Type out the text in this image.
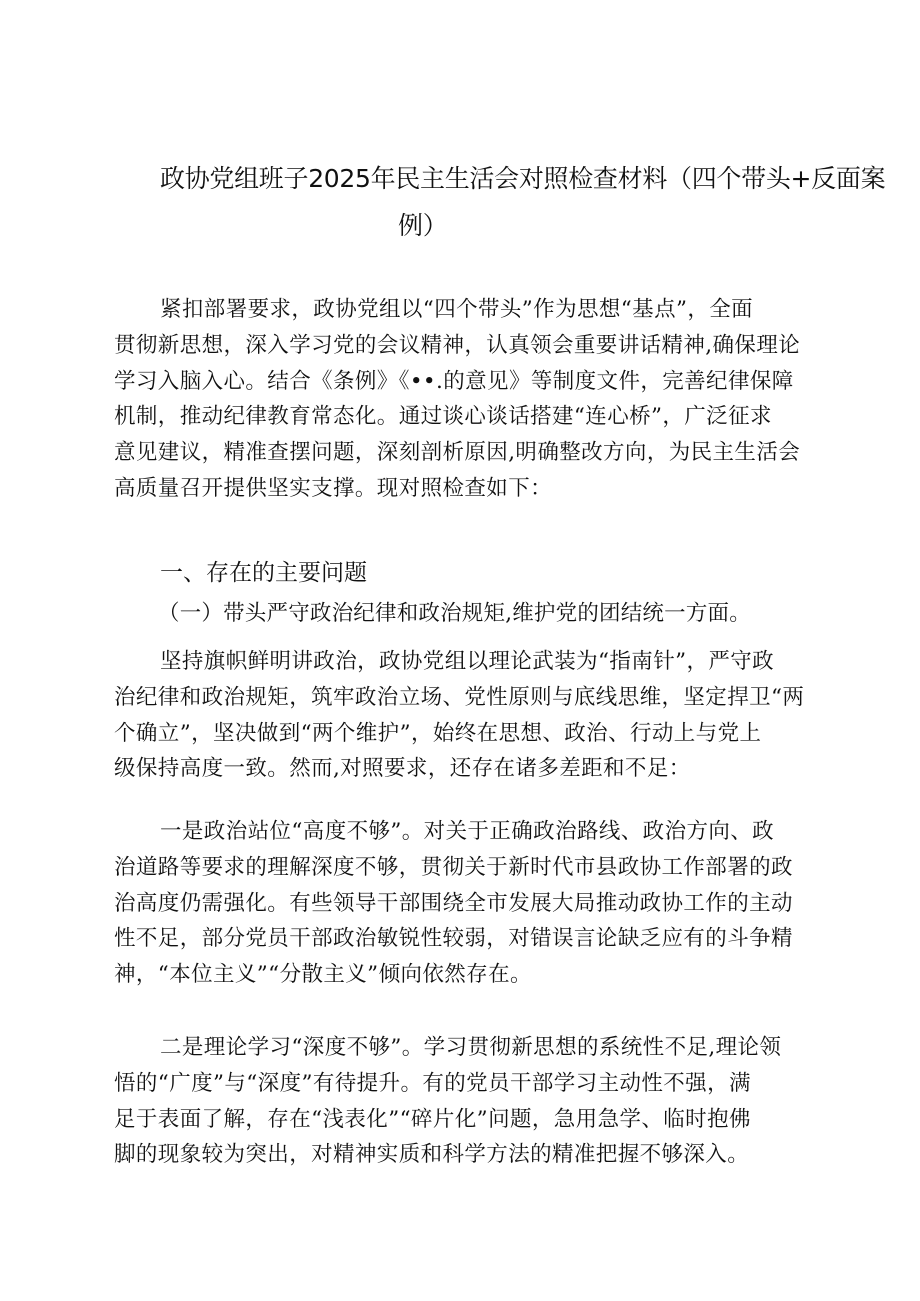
政协党组班子2025年民主生活会对照检查材料（四个带头+反面案
例）
紧扣部署要求，政协党组以“四个带头”作为思想“基点”，全面
贯彻新思想，深入学习党的会议精神，认真领会重要讲话精神,确保理论
学习入脑入心。结合《条例》《••.的意见》等制度文件，完善纪律保障
机制，推动纪律教育常态化。通过谈心谈话搭建“连心桥”，广泛征求
意见建议，精准查摆问题，深刻剖析原因,明确整改方向，为民主生活会
高质量召开提供坚实支撑。现对照检查如下：
一、存在的主要问题
（一）带头严守政治纪律和政治规矩,维护党的团结统一方面。
坚持旗帜鲜明讲政治，政协党组以理论武装为“指南针”，严守政
治纪律和政治规矩，筑牢政治立场、党性原则与底线思维，坚定捍卫“两
个确立”，坚决做到“两个维护”，始终在思想、政治、行动上与党上
级保持高度一致。然而,对照要求，还存在诸多差距和不足：
一是政治站位“高度不够”。对关于正确政治路线、政治方向、政
治道路等要求的理解深度不够，贯彻关于新时代市县政协工作部署的政
治高度仍需强化。有些领导干部围绕全市发展大局推动政协工作的主动
性不足，部分党员干部政治敏锐性较弱，对错误言论缺乏应有的斗争精
神，“本位主义”“分散主义”倾向依然存在。
二是理论学习“深度不够”。学习贯彻新思想的系统性不足,理论领
悟的“广度”与“深度”有待提升。有的党员干部学习主动性不强，满
足于表面了解，存在“浅表化”“碎片化”问题，急用急学、临时抱佛
脚的现象较为突出，对精神实质和科学方法的精准把握不够深入。
